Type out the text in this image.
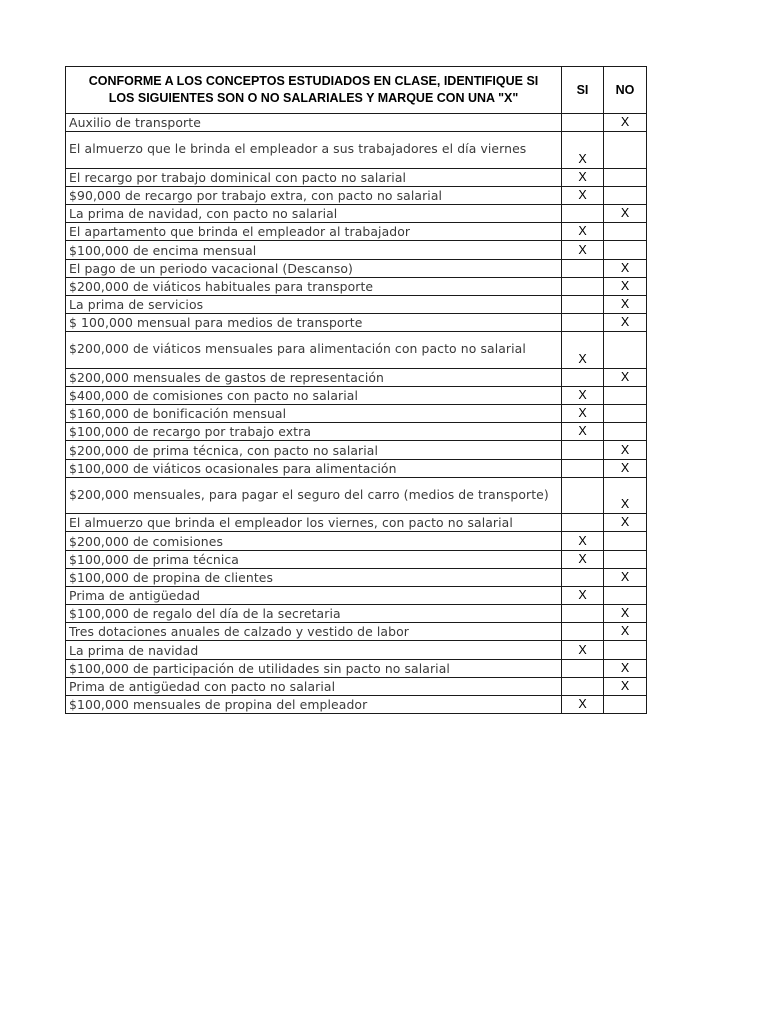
CONFORME A LOS CONCEPTOS ESTUDIADOS EN CLASE, IDENTIFIQUE SI LOS SIGUIENTES SON O NO SALARIALES Y MARQUE CON UNA "X"	SI	NO
Auxilio de transporte		X
El almuerzo que le brinda el empleador a sus trabajadores el día viernes	X	
El recargo por trabajo dominical con pacto no salarial	X	
$90,000 de recargo por trabajo extra, con pacto no salarial	X	
La prima de navidad, con pacto no salarial		X
El apartamento que brinda el empleador al trabajador	X	
$100,000 de encima mensual	X	
El pago de un periodo vacacional (Descanso)		X
$200,000 de viáticos habituales para transporte		X
La prima de servicios		X
$ 100,000 mensual para medios de transporte		X
$200,000 de viáticos mensuales para alimentación con pacto no salarial	X	
$200,000 mensuales de gastos de representación		X
$400,000 de comisiones con pacto no salarial	X	
$160,000 de bonificación mensual	X	
$100,000 de recargo por trabajo extra	X	
$200,000 de prima técnica, con pacto no salarial		X
$100,000 de viáticos ocasionales para alimentación		X
$200,000 mensuales, para pagar el seguro del carro (medios de transporte)		X
El almuerzo que brinda el empleador los viernes, con pacto no salarial		X
$200,000 de comisiones	X	
$100,000 de prima técnica	X	
$100,000 de propina de clientes		X
Prima de antigüedad	X	
$100,000 de regalo del día de la secretaria		X
Tres dotaciones anuales de calzado y vestido de labor		X
La prima de navidad	X	
$100,000 de participación de utilidades sin pacto no salarial		X
Prima de antigüedad con pacto no salarial		X
$100,000 mensuales de propina del empleador	X	
